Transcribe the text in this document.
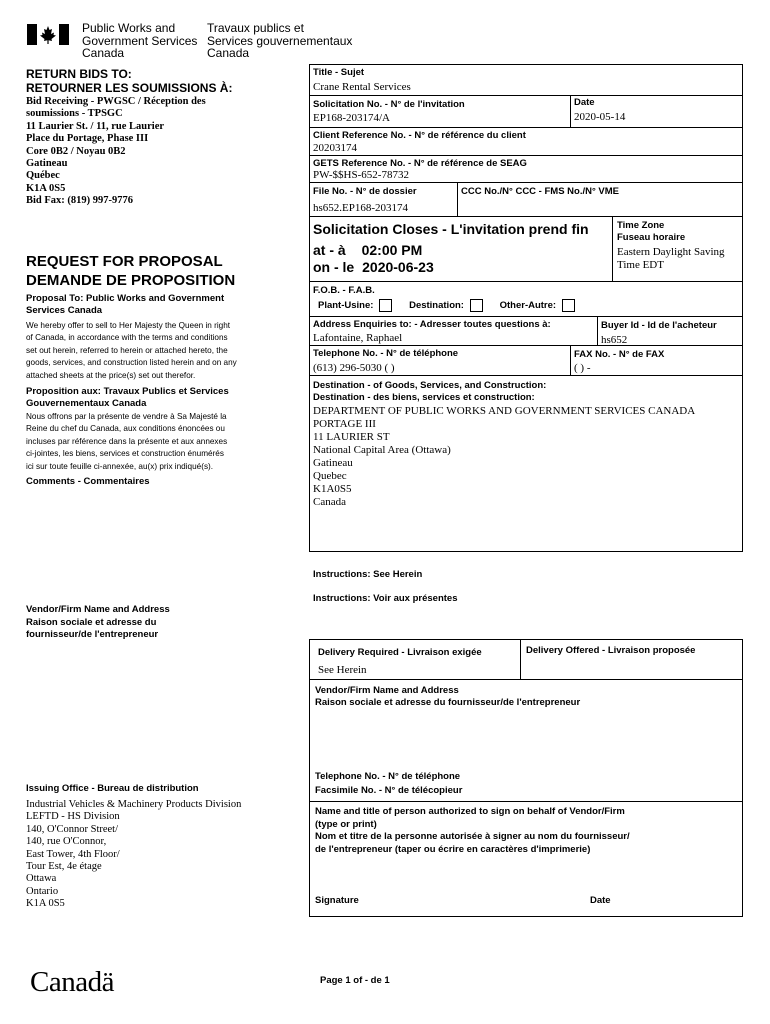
Public Works and
Government Services
Canada
Travaux publics et
Services gouvernementaux
Canada
RETURN BIDS TO:
RETOURNER LES SOUMISSIONS À:
Bid Receiving - PWGSC / Réception des
soumissions - TPSGC
11 Laurier St. / 11, rue Laurier
Place du Portage, Phase III
Core 0B2 / Noyau 0B2
Gatineau
Québec
K1A 0S5
Bid Fax: (819) 997-9776
REQUEST FOR PROPOSAL
DEMANDE DE PROPOSITION
Proposal To: Public Works and Government Services Canada
We hereby offer to sell to Her Majesty the Queen in right
of Canada, in accordance with the terms and conditions
set out herein, referred to herein or attached hereto, the
goods, services, and construction listed herein and on any
attached sheets at the price(s) set out therefor.
Proposition aux: Travaux Publics et Services Gouvernementaux Canada
Nous offrons par la présente de vendre à Sa Majesté la
Reine du chef du Canada, aux conditions énoncées ou
incluses par référence dans la présente et aux annexes
ci-jointes, les biens, services et construction énumérés
ici sur toute feuille ci-annexée, au(x) prix indiqué(s).
Comments - Commentaires
Vendor/Firm Name and Address
Raison sociale et adresse du
fournisseur/de l'entrepreneur
Issuing Office - Bureau de distribution
Industrial Vehicles & Machinery Products Division
LEFTD - HS Division
140, O'Connor Street/
140, rue O'Connor,
East Tower, 4th Floor/
Tour Est, 4e étage
Ottawa
Ontario
K1A 0S5
Title - Sujet
Crane Rental Services
Solicitation No. - N° de l'invitation
EP168-203174/A
Date
2020-05-14
Client Reference No. - N° de référence du client
20203174
GETS Reference No. - N° de référence de SEAG
PW-$$HS-652-78732
File No. - N° de dossier
hs652.EP168-203174
CCC No./N° CCC - FMS No./N° VME
Solicitation Closes - L'invitation prend fin
at - à 02:00 PM
on - le 2020-06-23
Time Zone
Fuseau horaire
Eastern Daylight Saving
Time EDT
F.O.B. - F.A.B.
Plant-Usine:	Destination:	Other-Autre:
Address Enquiries to: - Adresser toutes questions à:
Lafontaine, Raphael
Buyer Id - Id de l'acheteur
hs652
Telephone No. - N° de téléphone
(613) 296-5030 ( )
FAX No. - N° de FAX
( ) -
Destination - of Goods, Services, and Construction:
Destination - des biens, services et construction:
DEPARTMENT OF PUBLIC WORKS AND GOVERNMENT SERVICES CANADA
PORTAGE III
11 LAURIER ST
National Capital Area (Ottawa)
Gatineau
Quebec
K1A0S5
Canada
Instructions: See Herein
Instructions: Voir aux présentes
Delivery Required - Livraison exigée
See Herein
Delivery Offered - Livraison proposée
Vendor/Firm Name and Address
Raison sociale et adresse du fournisseur/de l'entrepreneur
Telephone No. - N° de téléphone
Facsimile No. - N° de télécopieur
Name and title of person authorized to sign on behalf of Vendor/Firm
(type or print)
Nom et titre de la personne autorisée à signer au nom du fournisseur/
de l'entrepreneur (taper ou écrire en caractères d'imprimerie)
Signature	Date
Canadä	Page 1 of - de 1
